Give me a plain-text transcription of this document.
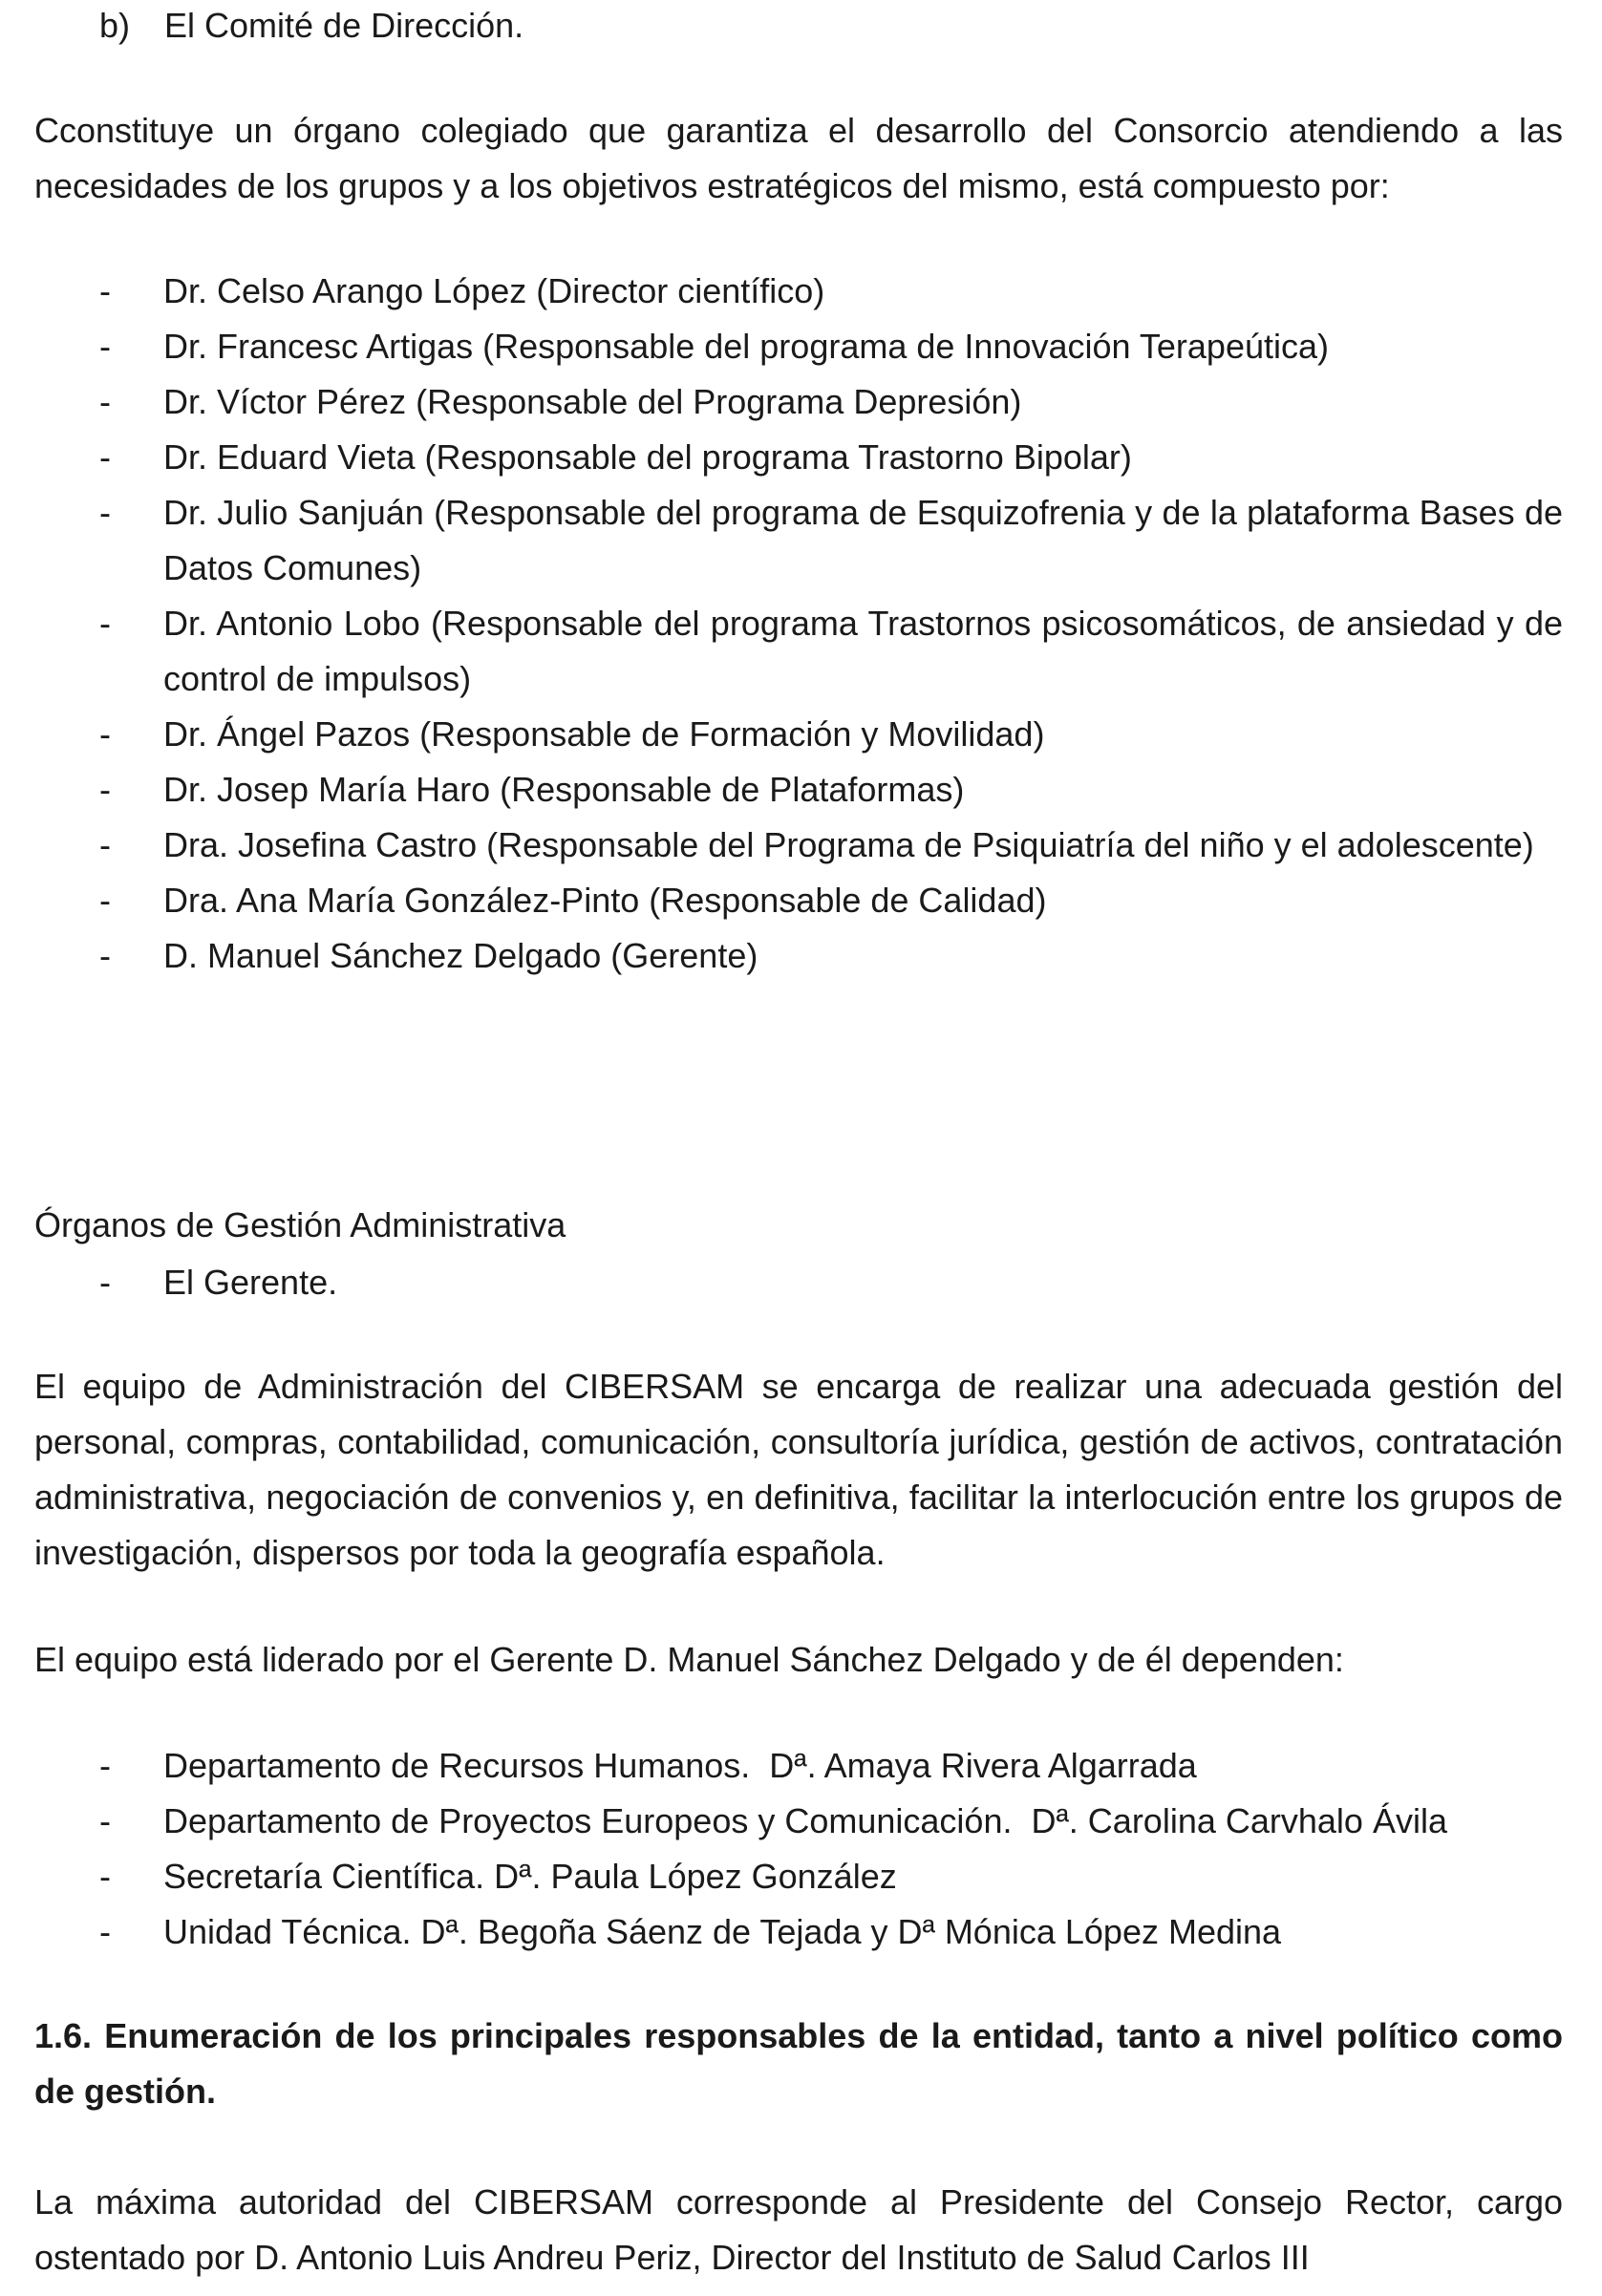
b) El Comité de Dirección.
Cconstituye un órgano colegiado que garantiza el desarrollo del Consorcio atendiendo a las necesidades de los grupos y a los objetivos estratégicos del mismo, está compuesto por:
- Dr. Celso Arango López (Director científico)
- Dr. Francesc Artigas (Responsable del programa de Innovación Terapeútica)
- Dr. Víctor Pérez (Responsable del Programa Depresión)
- Dr. Eduard Vieta (Responsable del programa Trastorno Bipolar)
- Dr. Julio Sanjuán (Responsable del programa de Esquizofrenia y de la plataforma Bases de Datos Comunes)
- Dr. Antonio Lobo (Responsable del programa Trastornos psicosomáticos, de ansiedad y de control de impulsos)
- Dr. Ángel Pazos (Responsable de Formación y Movilidad)
- Dr. Josep María Haro (Responsable de Plataformas)
- Dra. Josefina Castro (Responsable del Programa de Psiquiatría del niño y el adolescente)
- Dra. Ana María González-Pinto (Responsable de Calidad)
- D. Manuel Sánchez Delgado (Gerente)
Órganos de Gestión Administrativa
- El Gerente.
El equipo de Administración del CIBERSAM se encarga de realizar una adecuada gestión del personal, compras, contabilidad, comunicación, consultoría jurídica, gestión de activos, contratación administrativa, negociación de convenios y, en definitiva, facilitar la interlocución entre los grupos de investigación, dispersos por toda la geografía española.
El equipo está liderado por el Gerente D. Manuel Sánchez Delgado y de él dependen:
- Departamento de Recursos Humanos.  Dª. Amaya Rivera Algarrada
- Departamento de Proyectos Europeos y Comunicación.  Dª. Carolina Carvhalo Ávila
- Secretaría Científica. Dª. Paula López González
- Unidad Técnica. Dª. Begoña Sáenz de Tejada y Dª Mónica López Medina
1.6. Enumeración de los principales responsables de la entidad, tanto a nivel político como de gestión.
La máxima autoridad del CIBERSAM corresponde al Presidente del Consejo Rector, cargo ostentado por D. Antonio Luis Andreu Periz, Director del Instituto de Salud Carlos III
